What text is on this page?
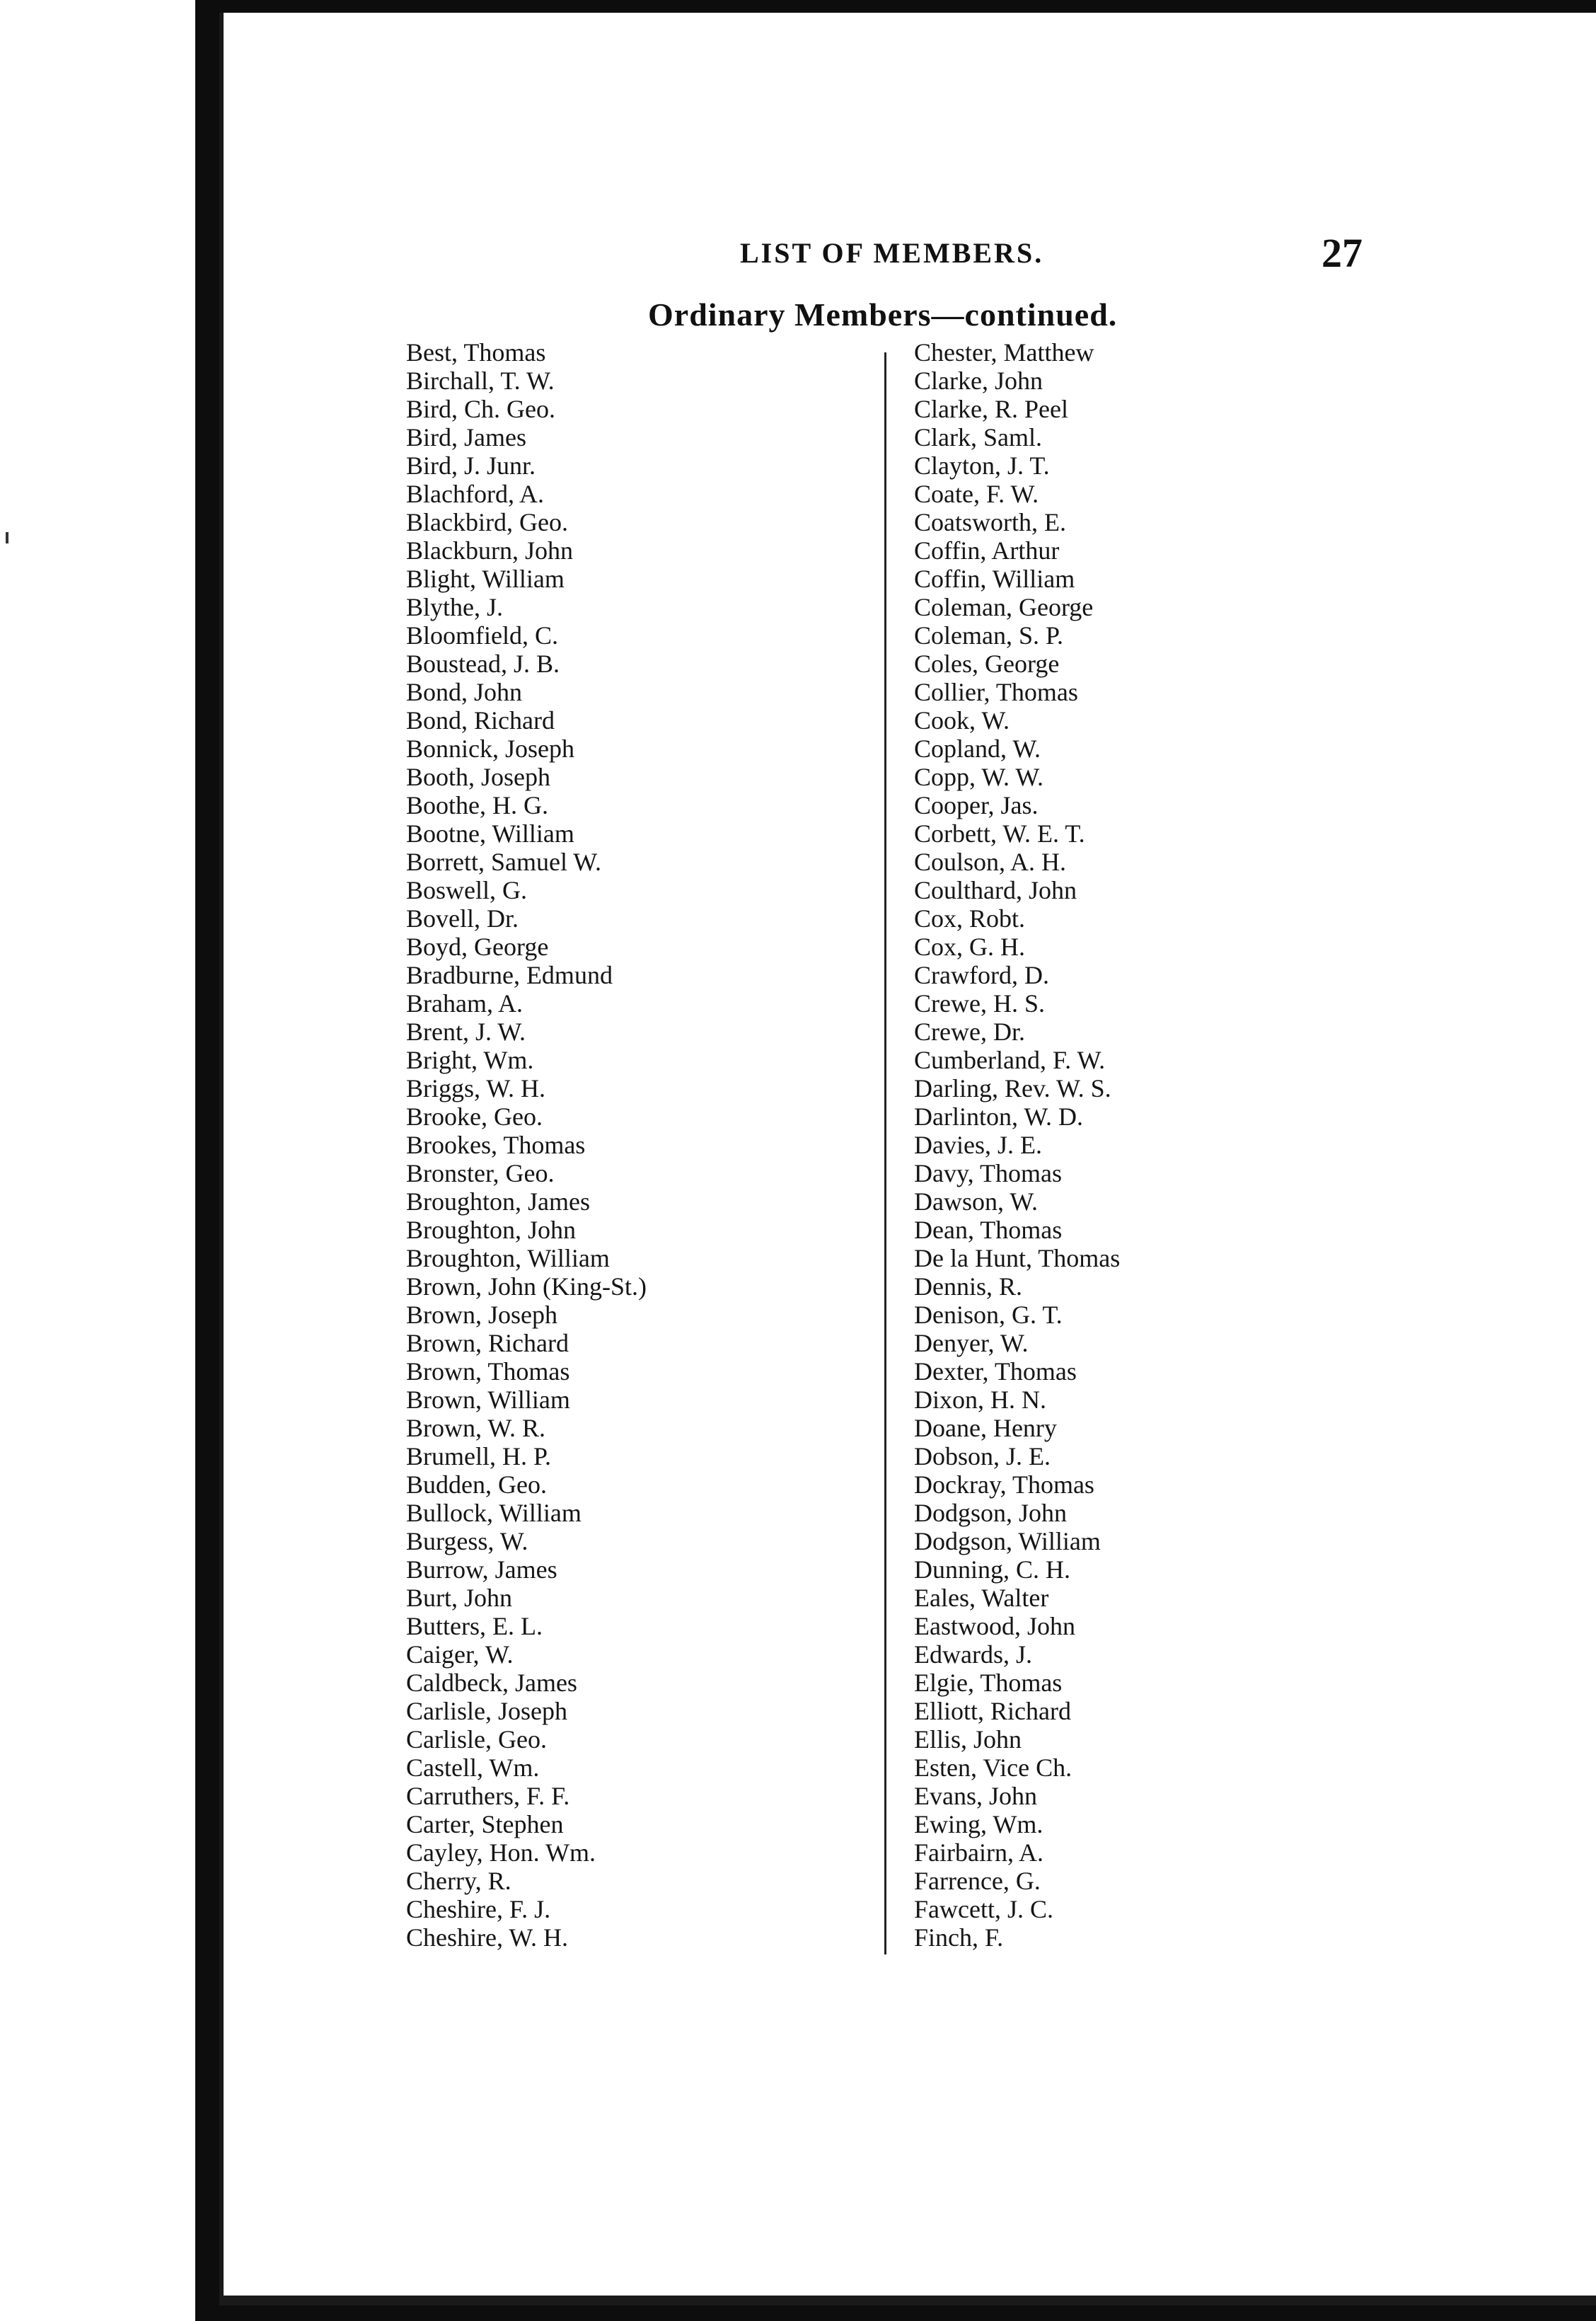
LIST OF MEMBERS.	27
Ordinary Members—continued.
Best, Thomas
Birchall, T. W.
Bird, Ch. Geo.
Bird, James
Bird, J. Junr.
Blachford, A.
Blackbird, Geo.
Blackburn, John
Blight, William
Blythe, J.
Bloomfield, C.
Boustead, J. B.
Bond, John
Bond, Richard
Bonnick, Joseph
Booth, Joseph
Boothe, H. G.
Bootne, William
Borrett, Samuel W.
Boswell, G.
Bovell, Dr.
Boyd, George
Bradburne, Edmund
Braham, A.
Brent, J. W.
Bright, Wm.
Briggs, W. H.
Brooke, Geo.
Brookes, Thomas
Bronster, Geo.
Broughton, James
Broughton, John
Broughton, William
Brown, John (King-St.)
Brown, Joseph
Brown, Richard
Brown, Thomas
Brown, William
Brown, W. R.
Brumell, H. P.
Budden, Geo.
Bullock, William
Burgess, W.
Burrow, James
Burt, John
Butters, E. L.
Caiger, W.
Caldbeck, James
Carlisle, Joseph
Carlisle, Geo.
Castell, Wm.
Carruthers, F. F.
Carter, Stephen
Cayley, Hon. Wm.
Cherry, R.
Cheshire, F. J.
Cheshire, W. H.
Chester, Matthew
Clarke, John
Clarke, R. Peel
Clark, Saml.
Clayton, J. T.
Coate, F. W.
Coatsworth, E.
Coffin, Arthur
Coffin, William
Coleman, George
Coleman, S. P.
Coles, George
Collier, Thomas
Cook, W.
Copland, W.
Copp, W. W.
Cooper, Jas.
Corbett, W. E. T.
Coulson, A. H.
Coulthard, John
Cox, Robt.
Cox, G. H.
Crawford, D.
Crewe, H. S.
Crewe, Dr.
Cumberland, F. W.
Darling, Rev. W. S.
Darlinton, W. D.
Davies, J. E.
Davy, Thomas
Dawson, W.
Dean, Thomas
De la Hunt, Thomas
Dennis, R.
Denison, G. T.
Denyer, W.
Dexter, Thomas
Dixon, H. N.
Doane, Henry
Dobson, J. E.
Dockray, Thomas
Dodgson, John
Dodgson, William
Dunning, C. H.
Eales, Walter
Eastwood, John
Edwards, J.
Elgie, Thomas
Elliott, Richard
Ellis, John
Esten, Vice Ch.
Evans, John
Ewing, Wm.
Fairbairn, A.
Farrence, G.
Fawcett, J. C.
Finch, F.
